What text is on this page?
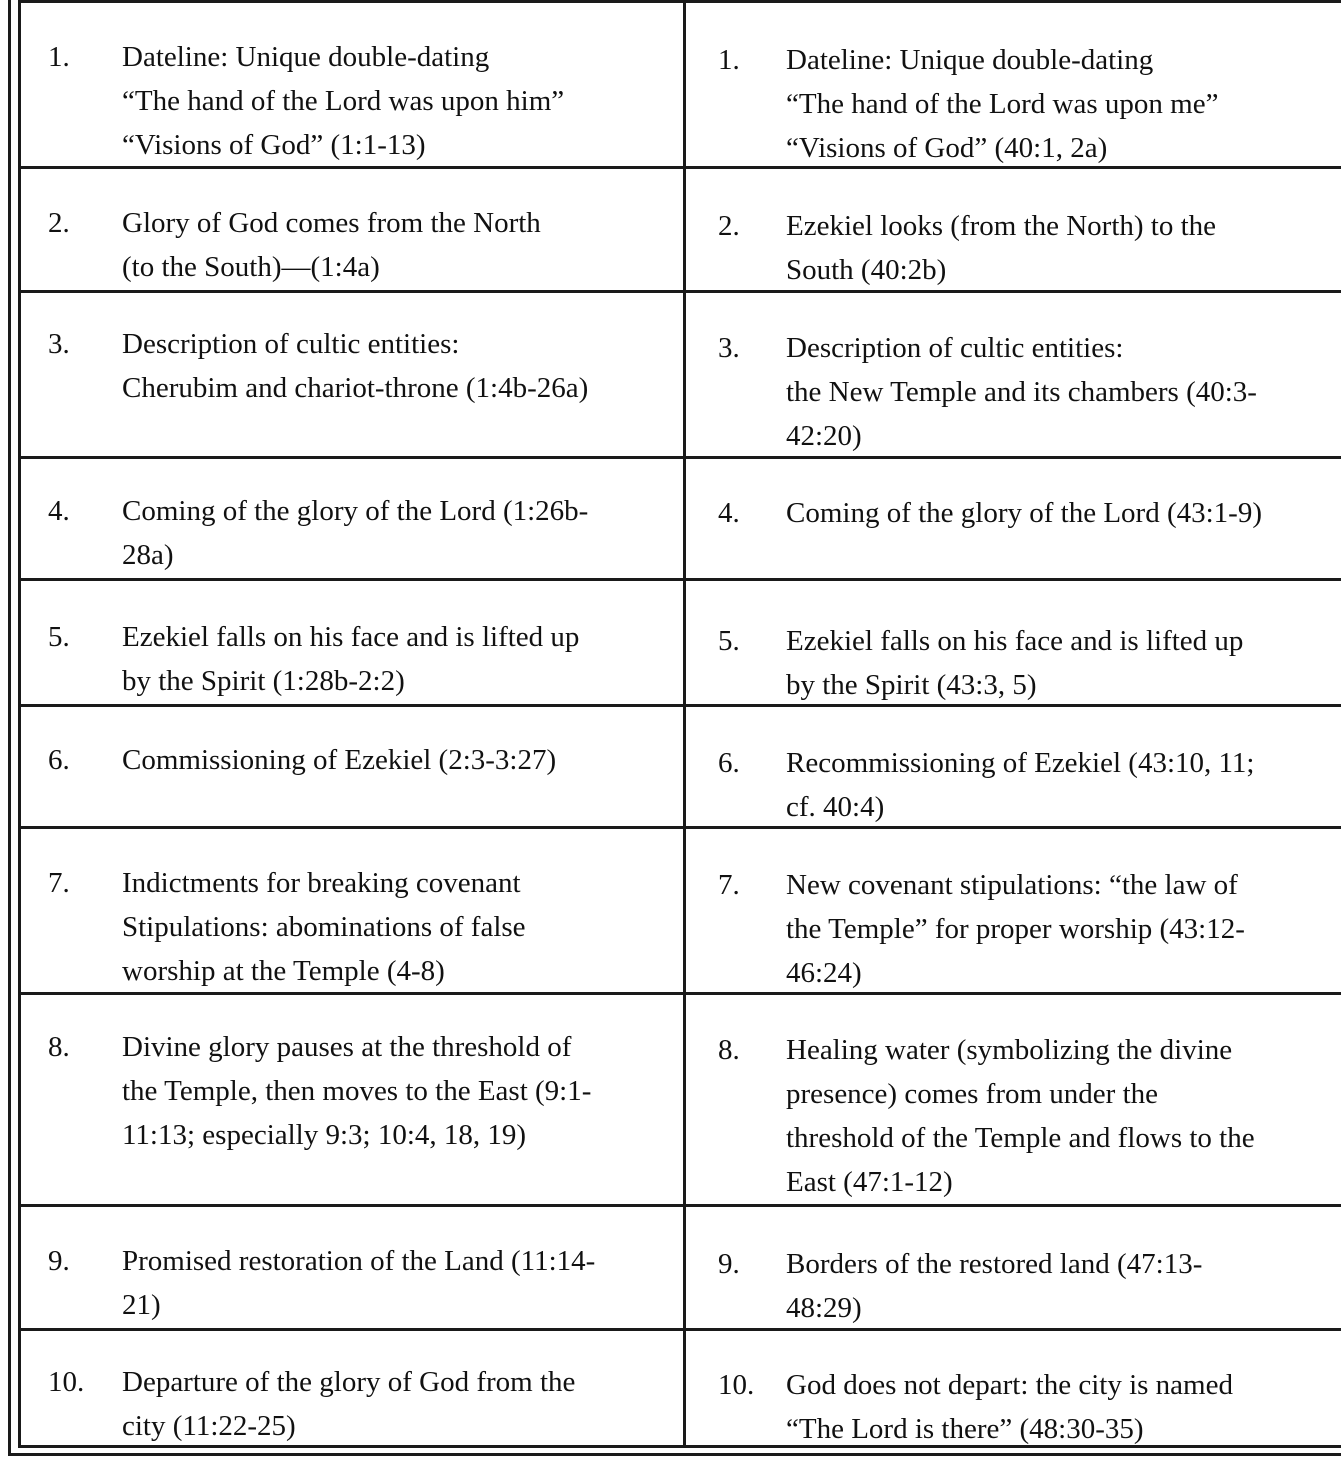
1. Dateline: Unique double-dating
“The hand of the Lord was upon him”
“Visions of God” (1:1-13)
1. Dateline: Unique double-dating
“The hand of the Lord was upon me”
“Visions of God” (40:1, 2a)
2. Glory of God comes from the North
(to the South)—(1:4a)
2. Ezekiel looks (from the North) to the
South (40:2b)
3. Description of cultic entities:
Cherubim and chariot-throne (1:4b-26a)
3. Description of cultic entities:
the New Temple and its chambers (40:3-
42:20)
4. Coming of the glory of the Lord (1:26b-
28a)
4. Coming of the glory of the Lord (43:1-9)
5. Ezekiel falls on his face and is lifted up
by the Spirit (1:28b-2:2)
5. Ezekiel falls on his face and is lifted up
by the Spirit (43:3, 5)
6. Commissioning of Ezekiel (2:3-3:27)	6. Recommissioning of Ezekiel (43:10, 11;
cf. 40:4)
7. Indictments for breaking covenant
Stipulations: abominations of false
worship at the Temple (4-8)
7. New covenant stipulations: “the law of
the Temple” for proper worship (43:12-
46:24)
8. Divine glory pauses at the threshold of
the Temple, then moves to the East (9:1-
11:13; especially 9:3; 10:4, 18, 19)
8. Healing water (symbolizing the divine
presence) comes from under the
threshold of the Temple and flows to the
East (47:1-12)
9. Promised restoration of the Land (11:14-
21)
9. Borders of the restored land (47:13-
48:29)
10. Departure of the glory of God from the
city (11:22-25)
10. God does not depart: the city is named
“The Lord is there” (48:30-35)
